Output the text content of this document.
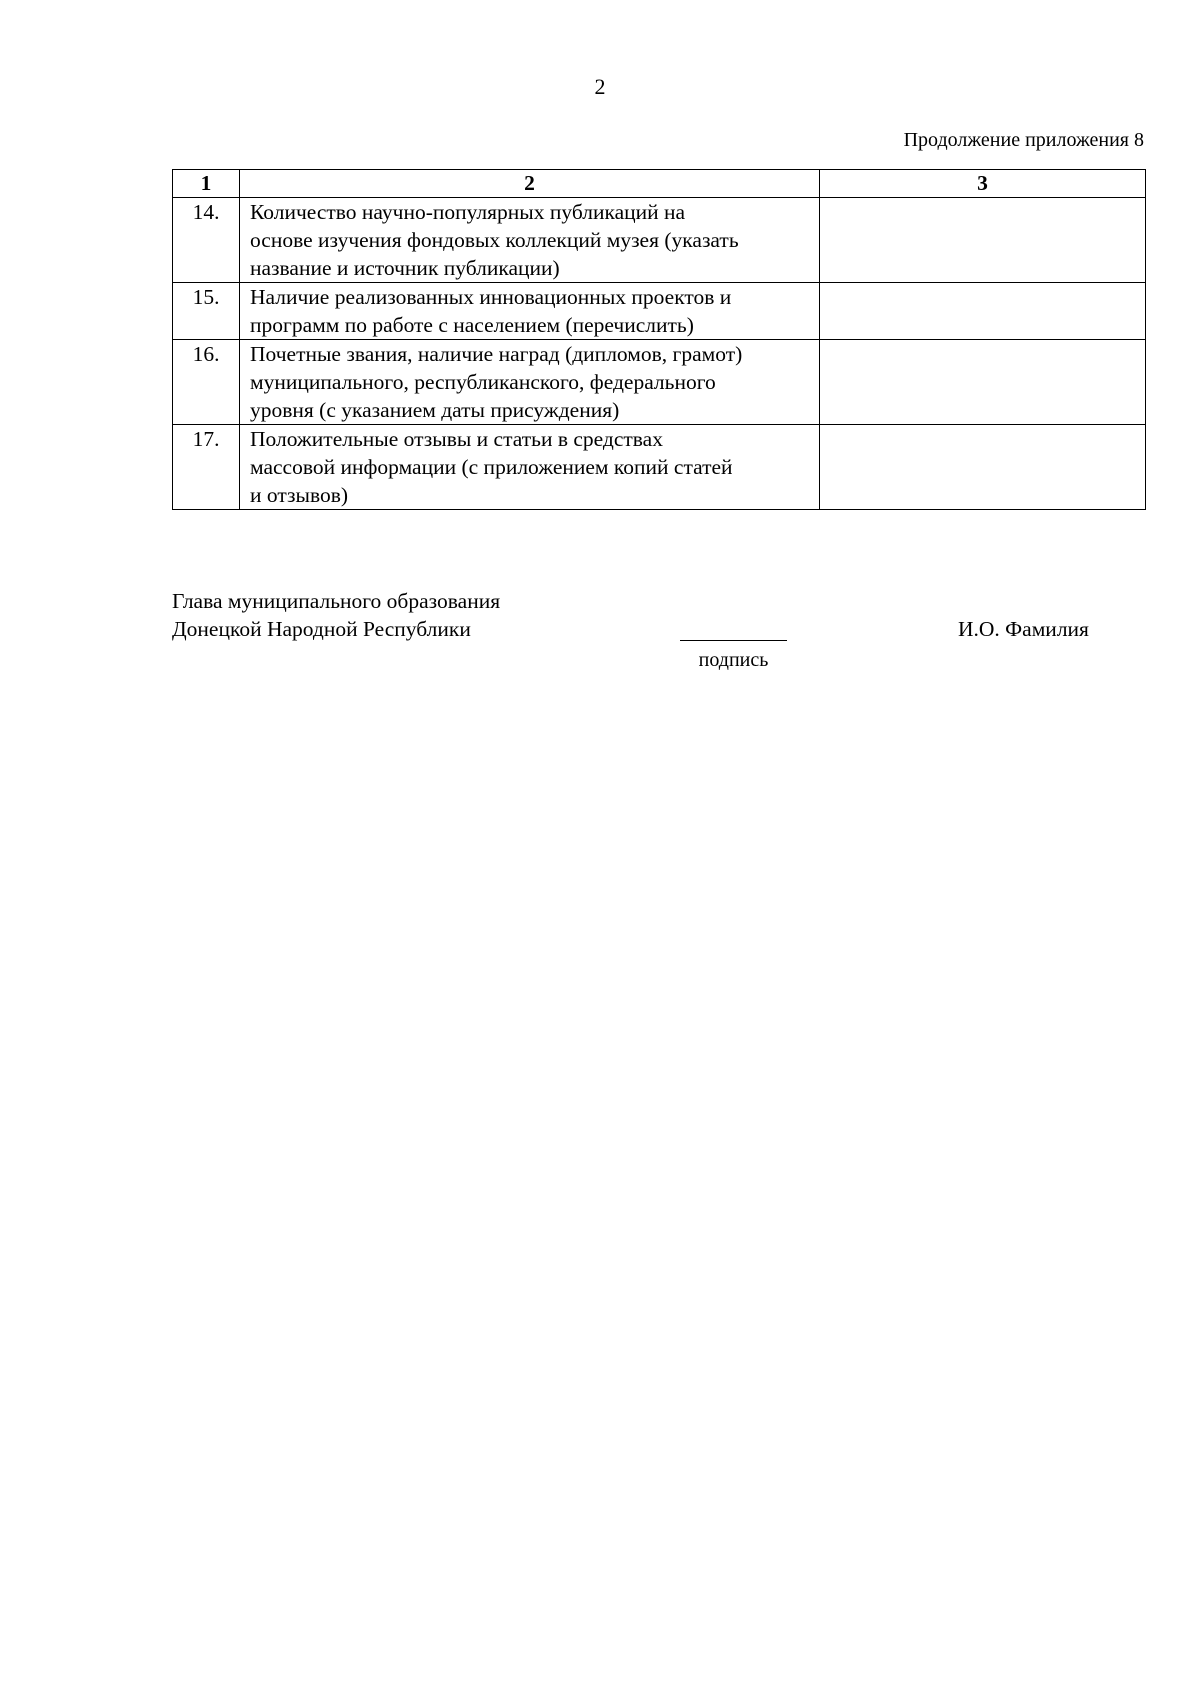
2
Продолжение приложения 8
1	2	3
14.	Количество научно-популярных публикаций на
основе изучения фондовых коллекций музея (указать
название и источник публикации)	

15.	Наличие реализованных инновационных проектов и
программ по работе с населением (перечислить)	

16.	Почетные звания, наличие наград (дипломов, грамот)
муниципального, республиканского, федерального
уровня (с указанием даты присуждения)	

17.	Положительные отзывы и статьи в средствах
массовой информации (с приложением копий статей
и отзывов)	

Глава муниципального образования
Донецкой Народной Республики
подпись
И.О. Фамилия
